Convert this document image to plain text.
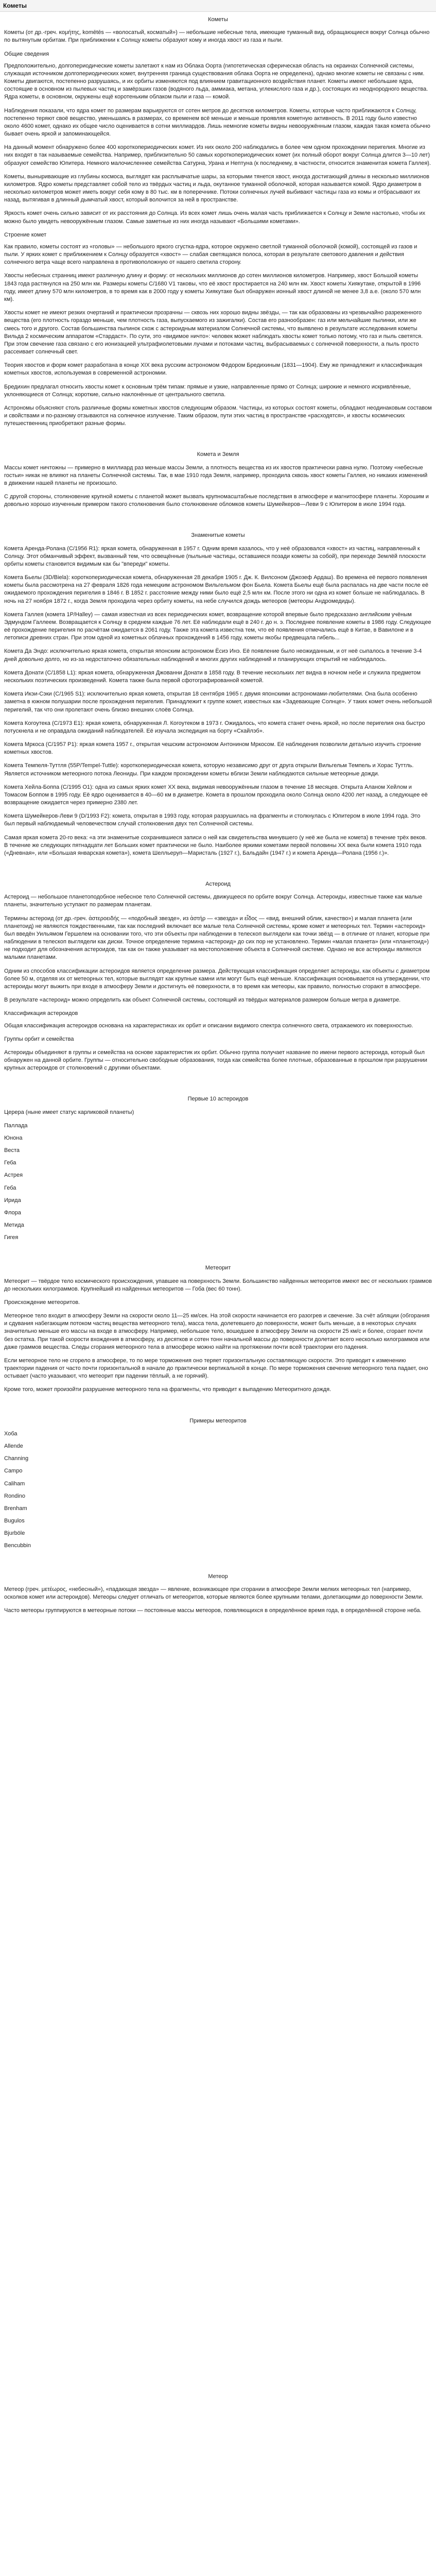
Кометы
Кометы

Кометы (от др.-греч. κομήτης, komētēs — «волосатый, косматый») — небольшие небесные тела, имеющие туманный вид, обращающиеся вокруг Солнца обычно по вытянутым орбитам. При приближении к Солнцу кометы образуют кому и иногда хвост из газа и пыли.

Общие сведения

Предположительно, долгопериодические кометы залетают к нам из Облака Оорта (гипотетическая сферическая область на окраинах Солнечной системы, служащая источником долгопериодических комет, внутренняя граница существования облака Оорта не определена), однако многие кометы не связаны с ним. Кометы двигаются, постепенно разрушаясь, и их орбиты изменяются под влиянием гравитационного воздействия планет. Кометы имеют небольшие ядра, состоящие в основном из пылевых частиц и замёрзших газов (водяного льда, аммиака, метана, углекислого газа и др.), состоящих из неоднородного вещества. Ядра кометы, в основном, окружены ещё коротеньким облаком пыли и газа — комой.

Наблюдения показали, что ядра комет по размерам варьируются от сотен метров до десятков километров. Кометы, которые часто приближаются к Солнцу, постепенно теряют своё вещество, уменьшаясь в размерах, со временем всё меньше и меньше проявляя кометную активность. В 2011 году было известно около 4600 комет, однако их общее число оценивается в сотни миллиардов. Лишь немногие кометы видны невооружённым глазом, каждая такая комета обычно бывает очень яркой и запоминающейся.

На данный момент обнаружено более 400 короткопериодических комет. Из них около 200 наблюдались в более чем одном прохождении перигелия. Многие из них входят в так называемые семейства. Например, приблизительно 50 самых короткопериодических комет (их полный оборот вокруг Солнца длится 3—10 лет) образуют семейство Юпитера. Немного малочисленнее семейства Сатурна, Урана и Нептуна (к последнему, в частности, относится знаменитая комета Галлея).

Кометы, выныривающие из глубины космоса, выглядят как расплывчатые шары, за которыми тянется хвост, иногда достигающий длины в несколько миллионов километров. Ядро кометы представляет собой тело из твёрдых частиц и льда, окутанное туманной оболочкой, которая называется комой. Ядро диаметром в несколько километров может иметь вокруг себя кому в 80 тыс. км в поперечнике. Потоки солнечных лучей выбивают частицы газа из комы и отбрасывают их назад, вытягивая в длинный дымчатый хвост, который волочится за ней в пространстве.

Яркость комет очень сильно зависит от их расстояния до Солнца. Из всех комет лишь очень малая часть приближается к Солнцу и Земле настолько, чтобы их можно было увидеть невооружённым глазом. Самые заметные из них иногда называют «Большими кометами».

Строение комет

Как правило, кометы состоят из «головы» — небольшого яркого сгустка-ядра, которое окружено светлой туманной оболочкой (комой), состоящей из газов и пыли. У ярких комет с приближением к Солнцу образуется «хвост» — слабая светящаяся полоса, которая в результате светового давления и действия солнечного ветра чаще всего направлена в противоположную от нашего светила сторону.

Хвосты небесных странниц имеют различную длину и форму: от нескольких миллионов до сотен миллионов километров. Например, хвост Большой кометы 1843 года растянулся на 250 млн км. Размеры кометы С/1680 V1 таковы, что её хвост простирается на 240 млн км. Хвост кометы Хиякутаке, открытой в 1996 году, имеет длину 570 млн километров, в то время как в 2000 году у кометы Хиякутаке был обнаружен ионный хвост длиной не менее 3,8 а.е. (около 570 млн км).

Хвосты комет не имеют резких очертаний и практически прозрачны — сквозь них хорошо видны звёзды, — так как образованы из чрезвычайно разреженного вещества (его плотность гораздо меньше, чем плотность газа, выпускаемого из зажигалки). Состав его разнообразен: газ или мельчайшие пылинки, или же смесь того и другого. Состав большинства пылинок схож с астероидным материалом Солнечной системы, что выявлено в результате исследования кометы Вильда 2 космическим аппаратом «Стардаст». По сути, это «видимое ничто»: человек может наблюдать хвосты комет только потому, что газ и пыль светятся. При этом свечение газа связано с его ионизацией ультрафиолетовыми лучами и потоками частиц, выбрасываемых с солнечной поверхности, а пыль просто рассеивает солнечный свет.

Теория хвостов и форм комет разработана в конце XIX века русским астрономом Фёдором Бредихиным (1831—1904). Ему же принадлежит и классификация кометных хвостов, используемая в современной астрономии.

Бредихин предлагал относить хвосты комет к основным трём типам: прямые и узкие, направленные прямо от Солнца; широкие и немного искривлённые, уклоняющиеся от Солнца; короткие, сильно наклонённые от центрального светила.

Астрономы объясняют столь различные формы кометных хвостов следующим образом. Частицы, из которых состоят кометы, обладают неодинаковым составом и свойствами и по-разному отзываются на солнечное излучение. Таким образом, пути этих частиц в пространстве «расходятся», и хвосты космических путешественниц приобретают разные формы.

Комета и Земля

Массы комет ничтожны — примерно в миллиард раз меньше массы Земли, а плотность вещества из их хвостов практически равна нулю. Поэтому «небесные гостьи» никак не влияют на планеты Солнечной системы. Так, в мае 1910 года Земля, например, проходила сквозь хвост кометы Галлея, но никаких изменений в движении нашей планеты не произошло.

С другой стороны, столкновение крупной кометы с планетой может вызвать крупномасштабные последствия в атмосфере и магнитосфере планеты. Хорошим и довольно хорошо изученным примером такого столкновения было столкновение обломков кометы Шумейкеров—Леви 9 с Юпитером в июле 1994 года.

Знаменитые кометы

Комета Аренда-Ролана (C/1956 R1): яркая комета, обнаруженная в 1957 г. Одним время казалось, что у неё образовался «хвост» из частиц, направленный к Солнцу. Этот обманчивый эффект, вызванный тем, что освещённые (пыльные частицы, оставшиеся позади кометы за собой), при переходе Землёй плоскости орбиты кометы становится видимым как бы "впереди" кометы.

Комета Бьелы (3D/Biela): короткопериодическая комета, обнаруженная 28 декабря 1905 г. Дж. К. Вилсоном (Джозеф Ардаш). Во времена её первого появления кометы была рассмотрена на 27 февраля 1826 года немецким астрономом Вильгельмом фон Бьела. Комета Бьелы ещё была распалась на две части после её ожидаемого прохождения перигелия в 1846 г. В 1852 г. расстояние между ними было ещё 2,5 млн км. После этого ни одна из комет больше не наблюдалась. В ночь на 27 ноября 1872 г., когда Земля проходила через орбиту кометы, на небе случился дождь метеоров (метеоры Андромедиды).

Комета Галлея (комета 1P/Halley) — самая известная из всех периодических комет, возвращение которой впервые было предсказано английским учёным Эдмундом Галлеем. Возвращается к Солнцу в среднем каждые 76 лет. Её наблюдали ещё в 240 г. до н. э. Последнее появление кометы в 1986 году. Следующее её прохождение перигелия по расчётам ожидается в 2061 году. Также эта комета известна тем, что её появления отмечались ещё в Китае, в Вавилоне и в летописи древних стран. При этом одной из кометных облачных прохождений в 1456 году, кометы якобы предвещала гибель...

Комета Да Эндо: исключительно яркая комета, открытая японским астрономом Ёсиэ Инэ. Её появление было неожиданным, и от неё сыпалось в течение 3-4 дней довольно долго, но из-за недостаточно обязательных наблюдений и многих других наблюдений и планирующих открытий не наблюдалось.

Комета Донати (C/1858 L1): яркая комета, обнаруженная Джованни Донати в 1858 году. В течение нескольких лет видна в ночном небе и служила предметом нескольких поэтических произведений. Комета также была первой сфотографированной кометой.

Комета Икэи-Сэки (C/1965 S1): исключительно яркая комета, открытая 18 сентября 1965 г. двумя японскими астрономами-любителями. Она была особенно заметна в южном полушарии после прохождения перигелия. Принадлежит к группе комет, известных как «Задевающие Солнце». У таких комет очень небольшой перигелий, так что они пролетают очень близко внешних слоёв Солнца.

Комета Когоутека (C/1973 E1): яркая комета, обнаруженная Л. Когоутеком в 1973 г. Ожидалось, что комета станет очень яркой, но после перигелия она быстро потускнела и не оправдала ожиданий наблюдателей. Её изучала экспедиция на борту «Скайлэб».

Комета Мркоса (C/1957 P1): яркая комета 1957 г., открытая чешским астрономом Антонином Мркосом. Её наблюдения позволили детально изучить строение кометных хвостов.

Комета Темпеля-Туттля (55P/Tempel-Tuttle): короткопериодическая комета, которую независимо друг от друга открыли Вильгельм Темпель и Хорас Туттль. Является источником метеорного потока Леониды. При каждом прохождении кометы вблизи Земли наблюдаются сильные метеорные дожди.

Комета Хейла-Боппа (C/1995 O1): одна из самых ярких комет XX века, видимая невооружённым глазом в течение 18 месяцев. Открыта Аланом Хейлом и Томасом Боппом в 1995 году. Её ядро оценивается в 40—60 км в диаметре. Комета в прошлом проходила около Солнца около 4200 лет назад, а следующее её возвращение ожидается через примерно 2380 лет.

Комета Шумейкеров-Леви 9 (D/1993 F2): комета, открытая в 1993 году, которая разрушилась на фрагменты и столкнулась с Юпитером в июле 1994 года. Это был первый наблюдаемый человечеством случай столкновения двух тел Солнечной системы.

Самая яркая комета 20-го века: «а эти знаменитые сохранившиеся записи о ней как свидетельства минувшего (у неё же была не комета) в течение трёх веков. В течение же следующих пятнадцати лет Больших комет практически не было. Наиболее яркими кометами первой половины XX века были комета 1910 года («Дневная», или «Большая январская комета»), комета Шелльеруп—Маристаль (1927 г.), Бальдайн (1947 г.) и комета Аренда—Ролана (1956 г.)».

Астероид

Астероид — небольшое планетоподобное небесное тело Солнечной системы, движущееся по орбите вокруг Солнца. Астероиды, известные также как малые планеты, значительно уступают по размерам планетам.

Термины астероид (от др.-греч. ἀστεροειδής — «подобный звезде», из ἀστήρ — «звезда» и εἶδος — «вид, внешний облик, качество») и малая планета (или планетоид) не являются тождественными, так как последний включает все малые тела Солнечной системы, кроме комет и метеорных тел. Термин «астероид» был введён Уильямом Гершелем на основании того, что эти объекты при наблюдении в телескоп выглядели как точки звёзд — в отличие от планет, которые при наблюдении в телескоп выглядели как диски. Точное определение термина «астероид» до сих пор не установлено. Термин «малая планета» (или «планетоид») не подходит для обозначения астероидов, так как он также указывает на местоположение объекта в Солнечной системе. Однако не все астероиды являются малыми планетами.

Одним из способов классификации астероидов является определение размера. Действующая классификация определяет астероиды, как объекты с диаметром более 50 м, отделяя их от метеорных тел, которые выглядят как крупные камни или могут быть ещё меньше. Классификация основывается на утверждении, что астероиды могут выжить при входе в атмосферу Земли и достигнуть её поверхности, в то время как метеоры, как правило, полностью сгорают в атмосфере.

В результате «астероид» можно определить как объект Солнечной системы, состоящий из твёрдых материалов размером больше метра в диаметре.

Классификация астероидов

Общая классификация астероидов основана на характеристиках их орбит и описании видимого спектра солнечного света, отражаемого их поверхностью.

Группы орбит и семейства

Астероиды объединяют в группы и семейства на основе характеристик их орбит. Обычно группа получает название по имени первого астероида, который был обнаружен на данной орбите. Группы — относительно свободные образования, тогда как семейства более плотные, образованные в прошлом при разрушении крупных астероидов от столкновений с другими объектами.

Первые 10 астероидов

Церера (ныне имеет статус карликовой планеты)

Паллада
Юнона
Веста
Геба
Астрея
Геба
Ирида
Флора
Метида
Гигея
Метеорит

Метеорит — твёрдое тело космического происхождения, упавшее на поверхность Земли. Большинство найденных метеоритов имеют вес от нескольких граммов до нескольких килограммов. Крупнейший из найденных метеоритов — Гоба (вес 60 тонн).

Происхождение метеоритов.

Метеорное тело входит в атмосферу Земли на скорости около 11—25 км/сек. На этой скорости начинается его разогрев и свечение. За счёт абляции (обгорания и сдувания набегающим потоком частиц вещества метеорного тела), масса тела, долетевшего до поверхности, может быть меньше, а в некоторых случаях значительно меньше его массы на входе в атмосферу. Например, небольшое тело, вошедшее в атмосферу Земли на скорости 25 км/с и более, сгорает почти без остатка. При такой скорости вхождения в атмосферу, из десятков и сотен тонн начальной массы до поверхности долетает всего несколько килограммов или даже граммов вещества. Следы сгорания метеорного тела в атмосфере можно найти на протяжении почти всей траектории его падения.

Если метеорное тело не сгорело в атмосфере, то по мере торможения оно теряет горизонтальную составляющую скорости. Это приводит к изменению траектории падения от часто почти горизонтальной в начале до практически вертикальной в конце. По мере торможения свечение метеорного тела падает, оно остывает (часто указывают, что метеорит при падении тёплый, а не горячий).

Кроме того, может произойти разрушение метеорного тела на фрагменты, что приводит к выпадению Метеоритного дождя.

Примеры метеоритов
Хоба
Allende
Channing
Campo
Caliham
Rondino
Brenham
Bugulos
Bjurböle
Bencubbin
Метеор

Метеор (греч. μετέωρος, «небесный»), «падающая звезда» — явление, возникающее при сгорании в атмосфере Земли мелких метеорных тел (например, осколков комет или астероидов). Метеоры следует отличать от метеоритов, которые являются более крупными телами, долетающими до поверхности Земли.

Часто метеоры группируются в метеорные потоки — постоянные массы метеоров, появляющихся в определённое время года, в определённой стороне неба.
